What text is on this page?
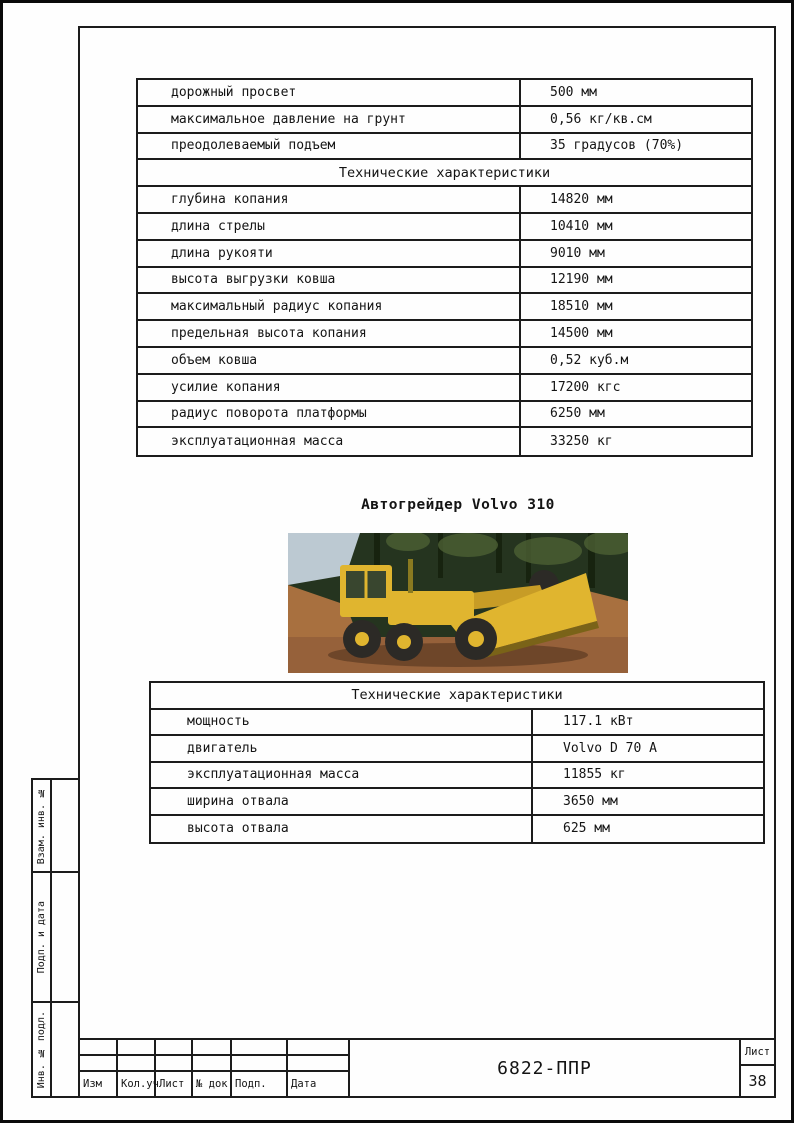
дорожный просвет	500 мм
максимальное давление на грунт	0,56 кг/кв.см
преодолеваемый подъем	35 градусов (70%)
Технические характеристики
глубина копания	14820 мм
длина стрелы	10410 мм
длина рукояти	9010 мм
высота выгрузки ковша	12190 мм
максимальный радиус копания	18510 мм
предельная высота копания	14500 мм
объем ковша	0,52 куб.м
усилие копания	17200 кгс
радиус поворота платформы	6250 мм
эксплуатационная масса	33250 кг
Автогрейдер Volvo 310
Технические характеристики
мощность	117.1 кВт
двигатель	Volvo D 70 A
эксплуатационная масса	11855 кг
ширина отвала	3650 мм
высота отвала	625 мм
Взам. инв. №
Подп. и дата
Инв. № подл.	Изм	Кол.уч Лист	№ док Подп.	Дата
6822-ППР
Лист
38
